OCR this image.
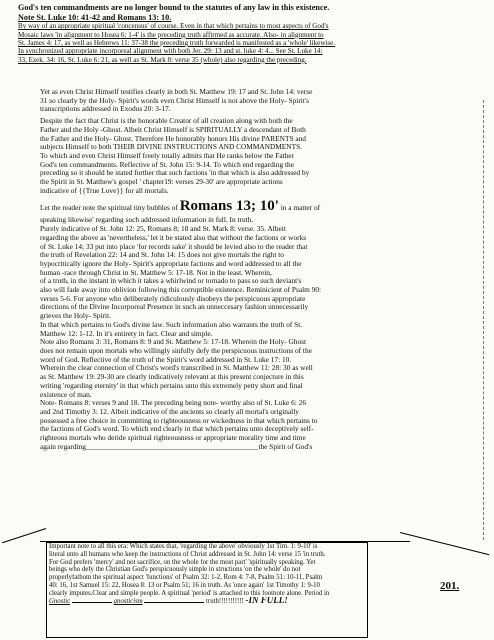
God's ten commandments are no longer bound to the statutes of any law in this existence.
Note St. Luke 10: 41-42 and Romans 13: 10.
By way of an appropriate spiritual 'concensus' of course. Even in that which pertains to most aspects of God's
Mosaic laws 'in alignment to Hosea 6: 1-4' is the preceding truth affirmed as accurate. Also- in alignment to
St. James 4: 17, as well as Hebrews 11: 37-38 the preceding truth forwarded is manifested as a 'whole' likewise.
In synchronized appropriate incorporeal alignment with both Jer. 29: 13 and st. luke 4: 4... See St. Luke 14:
33, Ezek. 34: 16, St. Luke 6: 21, as well as St. Mark 8: verse 35 (whole) also regarding the preceding.
Yet as even Christ Himself testifies clearly in both St. Matthew 19: 17 and St. John 14: verse
31 so clearly by the Holy- Spirit's words even Christ Himself is not above the Holy- Spirit's
transcriptions addressed in Exodus 20: 3-17.
Despite the fact that Christ is the honorable Creator of all creation along with both the
Father and the Holy -Ghost. Albeit Christ Himself is SPIRITUALLY a descendant of Both
the Father and the Holy- Ghost. Therefore He honorably honors His divine PARENTS and
subjects Himself to both THEIR DIVINE INSTRUCTIONS AND COMMANDMENTS.
To which and even Christ Himself freely totally admits that He ranks below the Father
God's ten commandments. Reflective of St. John 15: 9-14. To which end regarding the
preceding so it should be stated further that such factions 'in that which is also addressed by
the Spirit in St. Matthew's gospel ' chapter19: verses 29-30' are appropriate actions
indicative of {{True Love}} for all mortals.
Let the reader note the spiritual tiny bubbles of Romans 13; 10' in a matter of
speaking likewise' regarding such addressed information in full. In truth.
Purely indicative of St. John 12: 25, Romans 8; 18 and St. Mark 8: verse. 35. Albeit
regarding the above as 'nevertheless,' let it be stated also that without the factions or works
of St. Luke 14; 33 put into place 'for records sake' it should be levied also to the reader that
the truth of Revelation 22: 14 and St. John 14: 15 does not give mortals the right to
hypocritically ignore the Holy- Spirit's appropriate factions and word addressed to all the
human -race through Christ in St. Matthew 5: 17-18. Not in the least. Wherein,
of a truth, in the instant in which it takes a whirlwind or tornado to pass so such deviant's
also will fade away into oblivion following this corruptible existence. Reminicient of Psalm 90:
verses 5-6. For anyone who deliberately ridiculously disobeys the perspicuous appropriate
directions of the Divine Incorporeal Presence in such an unneccesary fashion unnecessarily
grieves the Holy- Spirit.
In that which pertains to God's divine law. Such information also warrants the truth of St.
Matthew 12: 1-12. In it's entirety in fact. Clear and simple.
Note also Romans 3: 31, Romans 8: 9 and St. Matthew 5: 17-18. Wherein the Holy- Ghost
does not remain upon mortals who willingly sinfully defy the perspicuous instructions of the
word of God. Reflective of the truth of the Spirit's word addressed in St. Luke 17: 10.
Wherein the clear connection of Christ's word's transcribed in St. Matthew 11: 28: 30 as well
as St. Matthew 19: 29-30 are clearly indicatively relevant at this present conjecture in this
writing 'regarding eternity' in that which pertains unto this extremely petty short and final
existence of man.
Note- Romans 8: verses 9 and 18. The preceding being note- worthy also of St. Luke 6: 26
and 2nd Timothy 3: 12. Albeit indicative of the ancients so clearly all mortal's originally
possessed a free choice in committing to righteousness or wickedness in that which pertains to
the factions of God's word. To which end clearly in that which pertains unto deceptively self-
righteous mortals who deride spiritual righteousness or appropriate morality time and time
again regarding_______________________________________________the Spirit of God's
Important note to all this era: Which states that, 'regarding the above' obviously 1st Tim. 1: 9-10' is
literal unto all humans who keep the instructions of Christ addressed in St. John 14: verse 15 'in truth.
For God prefers 'mercy' and not sacrifice, on the whole for the most part' 'spiritually speaking. Yet
beings who defy the Christian God's perspicuously simple in structions 'on the whole' do not
properlyfathom the spiritual aspect 'functions' of Psalm 32: 1-2, Rom 4: 7-8, Psalm 51: 10-11, Psalm
40: 16, 1st Samuel 15: 22, Hosea 8: 13 or Psalm 51; 16 in truth. As 'once again' 1st Timothy 1: 9-10
clearly imputes.Clear and simple people. A spiritual 'period' is attached to this footnote alone. Period in
Gnostic	gnosticism	truth!!!!!!!!!!! -IN FULL!
201.
